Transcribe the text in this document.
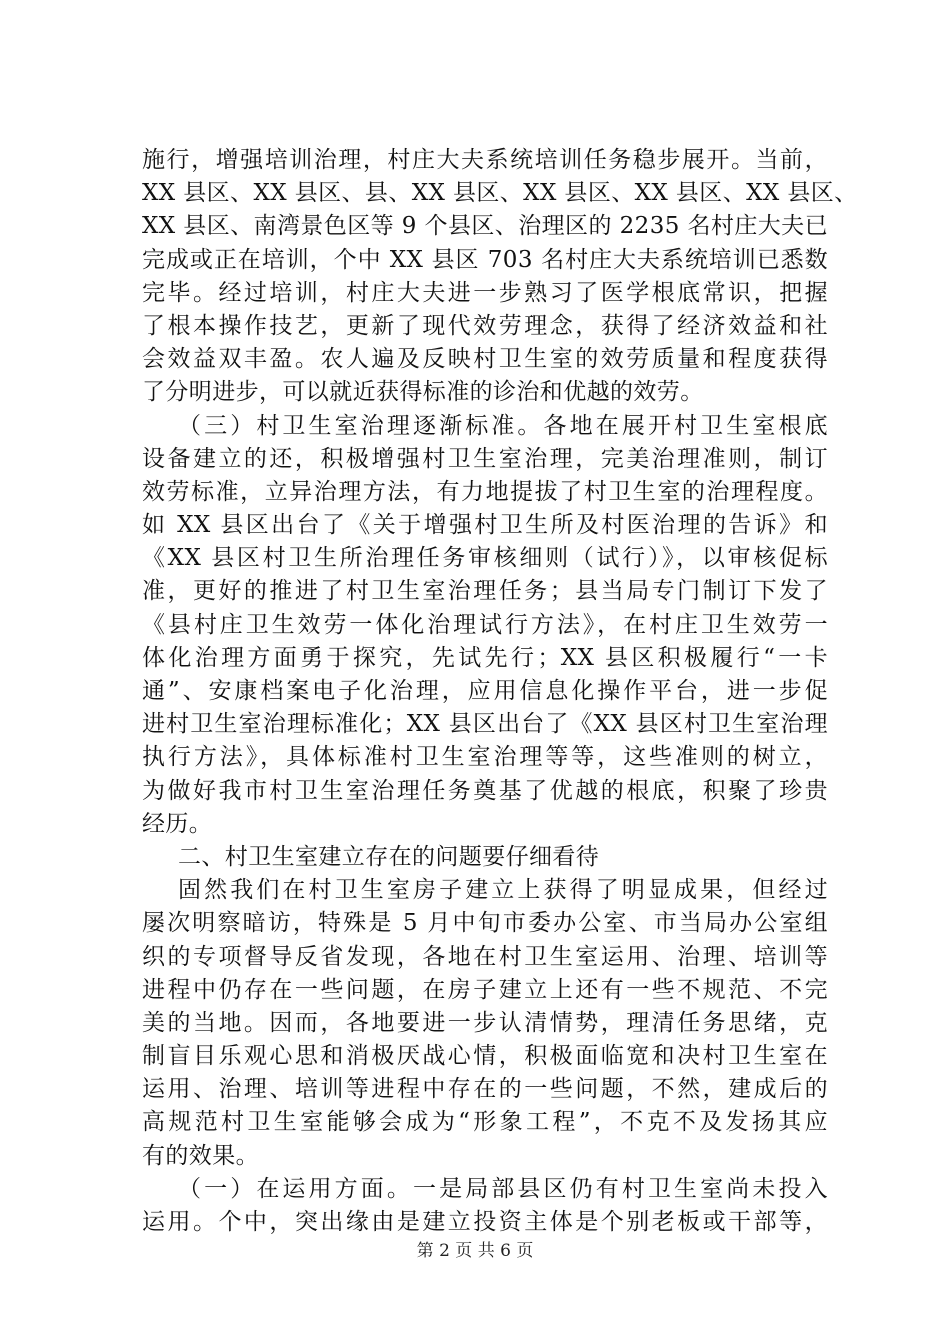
施行，增强培训治理，村庄大夫系统培训任务稳步展开。当前，
XX 县区、XX 县区、县、XX 县区、XX 县区、XX 县区、XX 县区、
XX 县区、南湾景色区等 9 个县区、治理区的 2235 名村庄大夫已
完成或正在培训，个中 XX 县区 703 名村庄大夫系统培训已悉数
完毕。经过培训，村庄大夫进一步熟习了医学根底常识，把握
了根本操作技艺，更新了现代效劳理念，获得了经济效益和社
会效益双丰盈。农人遍及反映村卫生室的效劳质量和程度获得
了分明进步，可以就近获得标准的诊治和优越的效劳。
（三）村卫生室治理逐渐标准。各地在展开村卫生室根底
设备建立的还，积极增强村卫生室治理，完美治理准则，制订
效劳标准，立异治理方法，有力地提拔了村卫生室的治理程度。
如 XX 县区出台了《关于增强村卫生所及村医治理的告诉》和
《XX 县区村卫生所治理任务审核细则（试行）》，以审核促标
准，更好的推进了村卫生室治理任务；县当局专门制订下发了
《县村庄卫生效劳一体化治理试行方法》，在村庄卫生效劳一
体化治理方面勇于探究，先试先行；XX 县区积极履行“一卡
通”、安康档案电子化治理，应用信息化操作平台，进一步促
进村卫生室治理标准化；XX 县区出台了《XX 县区村卫生室治理
执行方法》，具体标准村卫生室治理等等，这些准则的树立，
为做好我市村卫生室治理任务奠基了优越的根底，积聚了珍贵
经历。
二、村卫生室建立存在的问题要仔细看待
固然我们在村卫生室房子建立上获得了明显成果，但经过
屡次明察暗访，特殊是 5 月中旬市委办公室、市当局办公室组
织的专项督导反省发现，各地在村卫生室运用、治理、培训等
进程中仍存在一些问题，在房子建立上还有一些不规范、不完
美的当地。因而，各地要进一步认清情势，理清任务思绪，克
制盲目乐观心思和消极厌战心情，积极面临宽和决村卫生室在
运用、治理、培训等进程中存在的一些问题，不然，建成后的
高规范村卫生室能够会成为“形象工程”，不克不及发扬其应
有的效果。
（一）在运用方面。一是局部县区仍有村卫生室尚未投入
运用。个中，突出缘由是建立投资主体是个别老板或干部等，
第 2 页 共 6 页
